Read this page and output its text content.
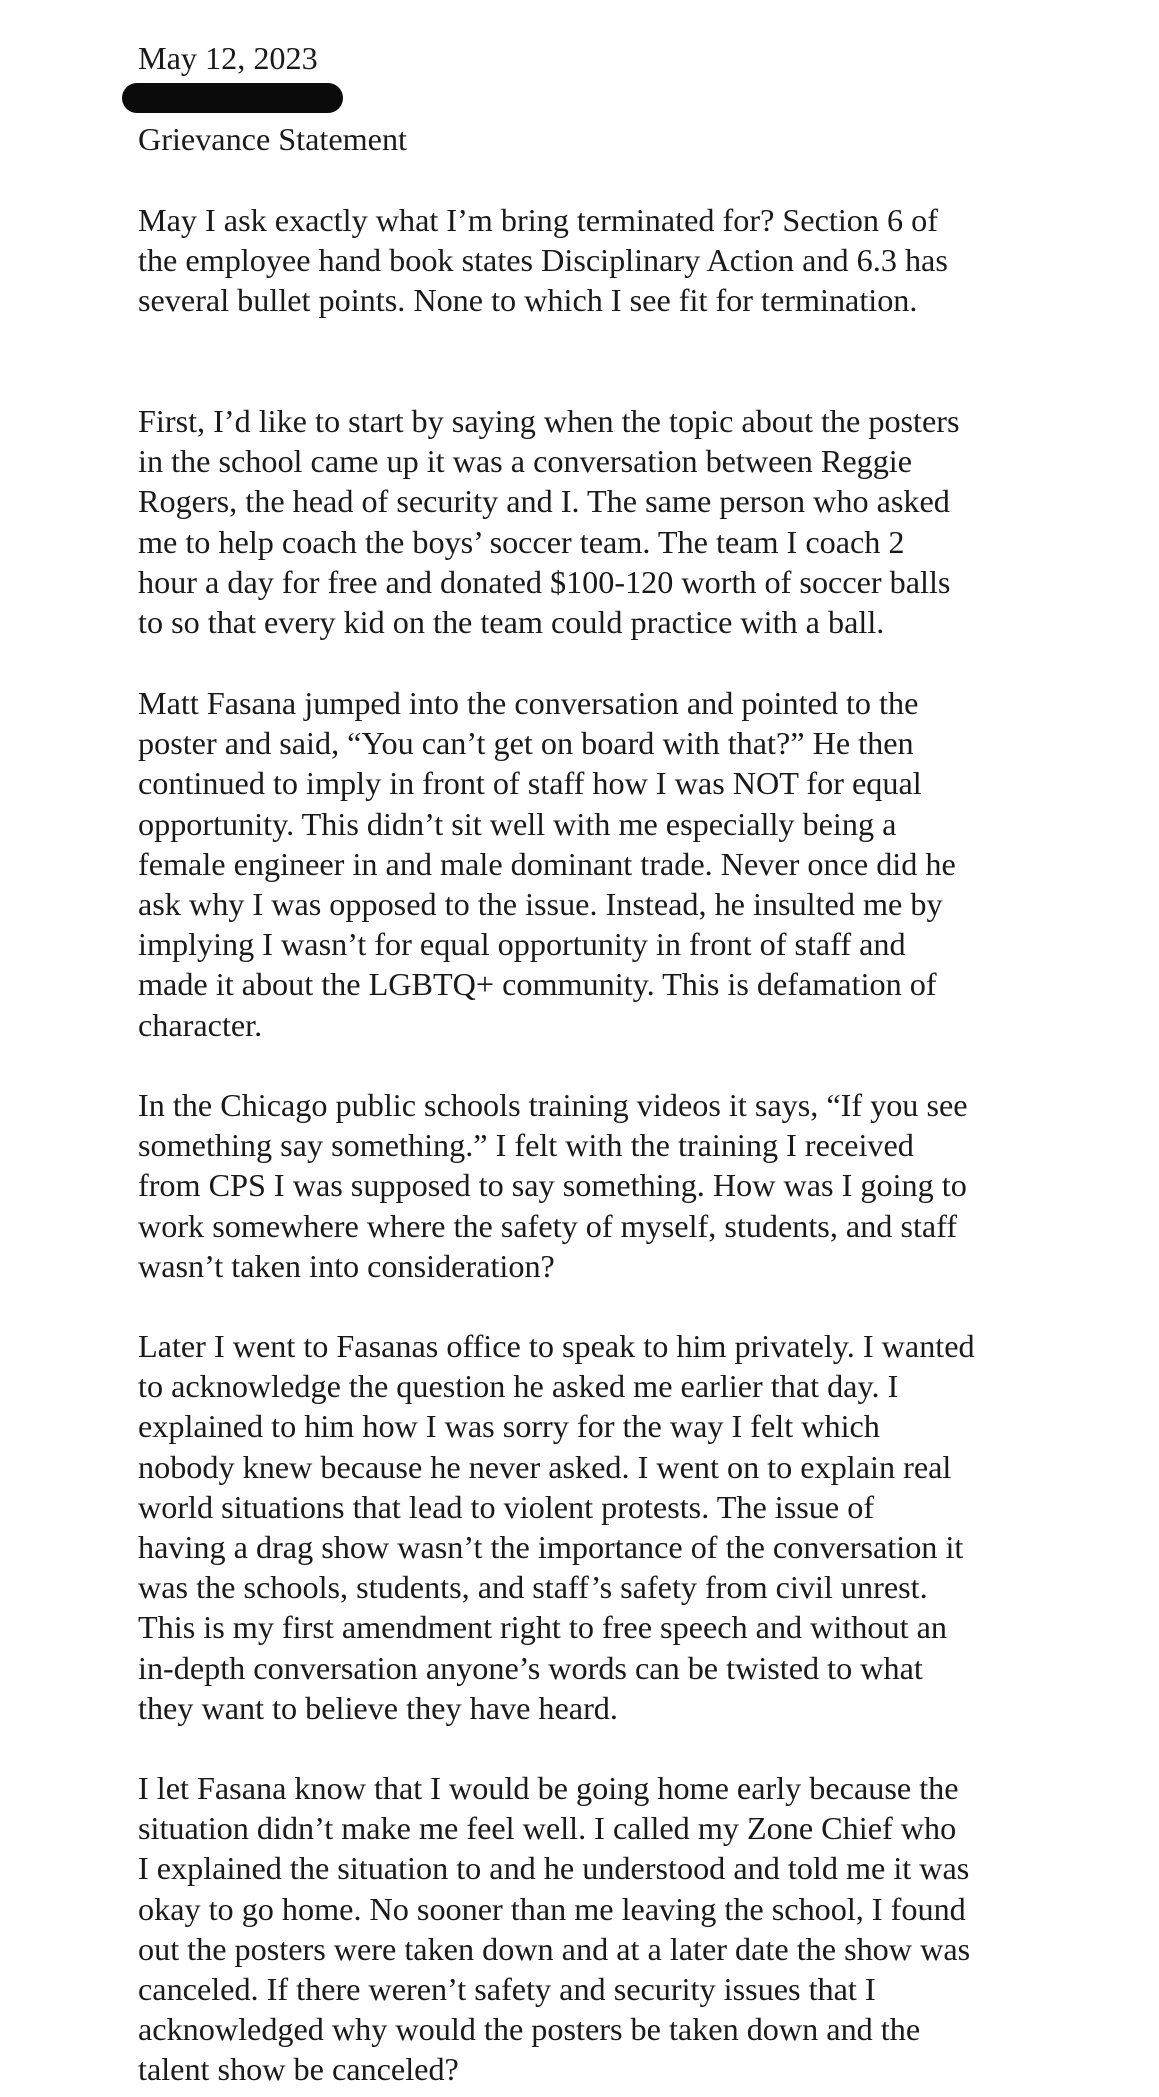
May 12, 2023
Grievance Statement
May I ask exactly what I’m bring terminated for? Section 6 of
the employee hand book states Disciplinary Action and 6.3 has
several bullet points. None to which I see fit for termination.
First, I’d like to start by saying when the topic about the posters
in the school came up it was a conversation between Reggie
Rogers, the head of security and I. The same person who asked
me to help coach the boys’ soccer team. The team I coach 2
hour a day for free and donated $100-120 worth of soccer balls
to so that every kid on the team could practice with a ball.
Matt Fasana jumped into the conversation and pointed to the
poster and said, “You can’t get on board with that?” He then
continued to imply in front of staff how I was NOT for equal
opportunity. This didn’t sit well with me especially being a
female engineer in and male dominant trade. Never once did he
ask why I was opposed to the issue. Instead, he insulted me by
implying I wasn’t for equal opportunity in front of staff and
made it about the LGBTQ+ community. This is defamation of
character.
In the Chicago public schools training videos it says, “If you see
something say something.” I felt with the training I received
from CPS I was supposed to say something. How was I going to
work somewhere where the safety of myself, students, and staff
wasn’t taken into consideration?
Later I went to Fasanas office to speak to him privately. I wanted
to acknowledge the question he asked me earlier that day. I
explained to him how I was sorry for the way I felt which
nobody knew because he never asked. I went on to explain real
world situations that lead to violent protests. The issue of
having a drag show wasn’t the importance of the conversation it
was the schools, students, and staff’s safety from civil unrest.
This is my first amendment right to free speech and without an
in-depth conversation anyone’s words can be twisted to what
they want to believe they have heard.
I let Fasana know that I would be going home early because the
situation didn’t make me feel well. I called my Zone Chief who
I explained the situation to and he understood and told me it was
okay to go home. No sooner than me leaving the school, I found
out the posters were taken down and at a later date the show was
canceled. If there weren’t safety and security issues that I
acknowledged why would the posters be taken down and the
talent show be canceled?
